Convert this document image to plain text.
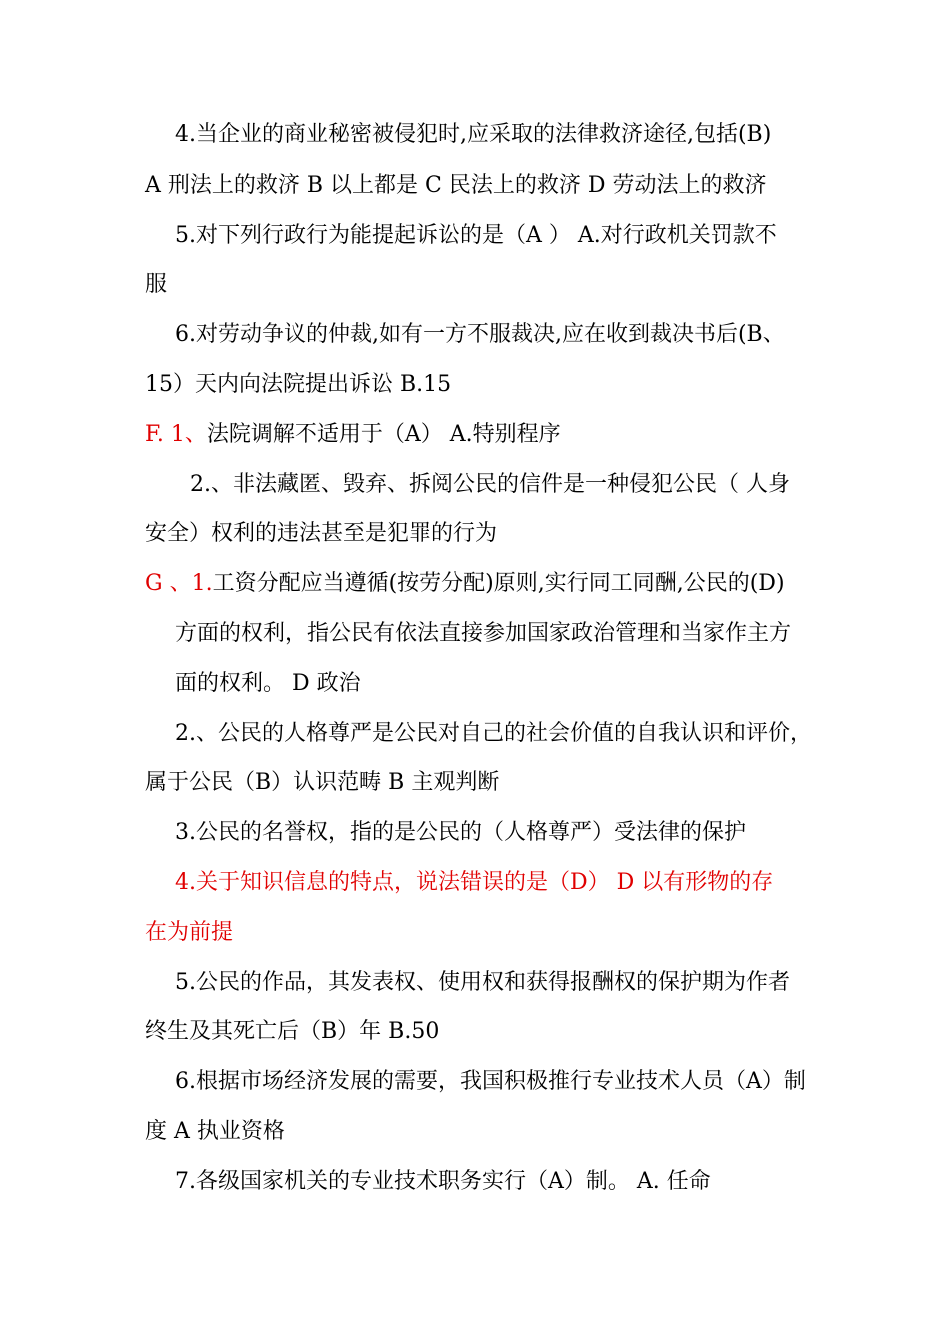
4.当企业的商业秘密被侵犯时,应采取的法律救济途径,包括(B)
A 刑法上的救济 B 以上都是 C 民法上的救济 D 劳动法上的救济
5.对下列行政行为能提起诉讼的是（A ） A.对行政机关罚款不
服
6.对劳动争议的仲裁,如有一方不服裁决,应在收到裁决书后(B、
15）天内向法院提出诉讼 B.15
F. 1、法院调解不适用于（A） A.特别程序
2.、非法藏匿、毁弃、拆阅公民的信件是一种侵犯公民（ 人身
安全）权利的违法甚至是犯罪的行为
G 、1.工资分配应当遵循(按劳分配)原则,实行同工同酬,公民的(D)
方面的权利，指公民有依法直接参加国家政治管理和当家作主方
面的权利。 D 政治
2.、公民的人格尊严是公民对自己的社会价值的自我认识和评价，
属于公民（B）认识范畴 B 主观判断
3.公民的名誉权，指的是公民的（人格尊严）受法律的保护
4.关于知识信息的特点，说法错误的是（D） D 以有形物的存
在为前提
5.公民的作品，其发表权、使用权和获得报酬权的保护期为作者
终生及其死亡后（B）年 B.50
6.根据市场经济发展的需要，我国积极推行专业技术人员（A）制
度 A 执业资格
7.各级国家机关的专业技术职务实行（A）制。 A. 任命
